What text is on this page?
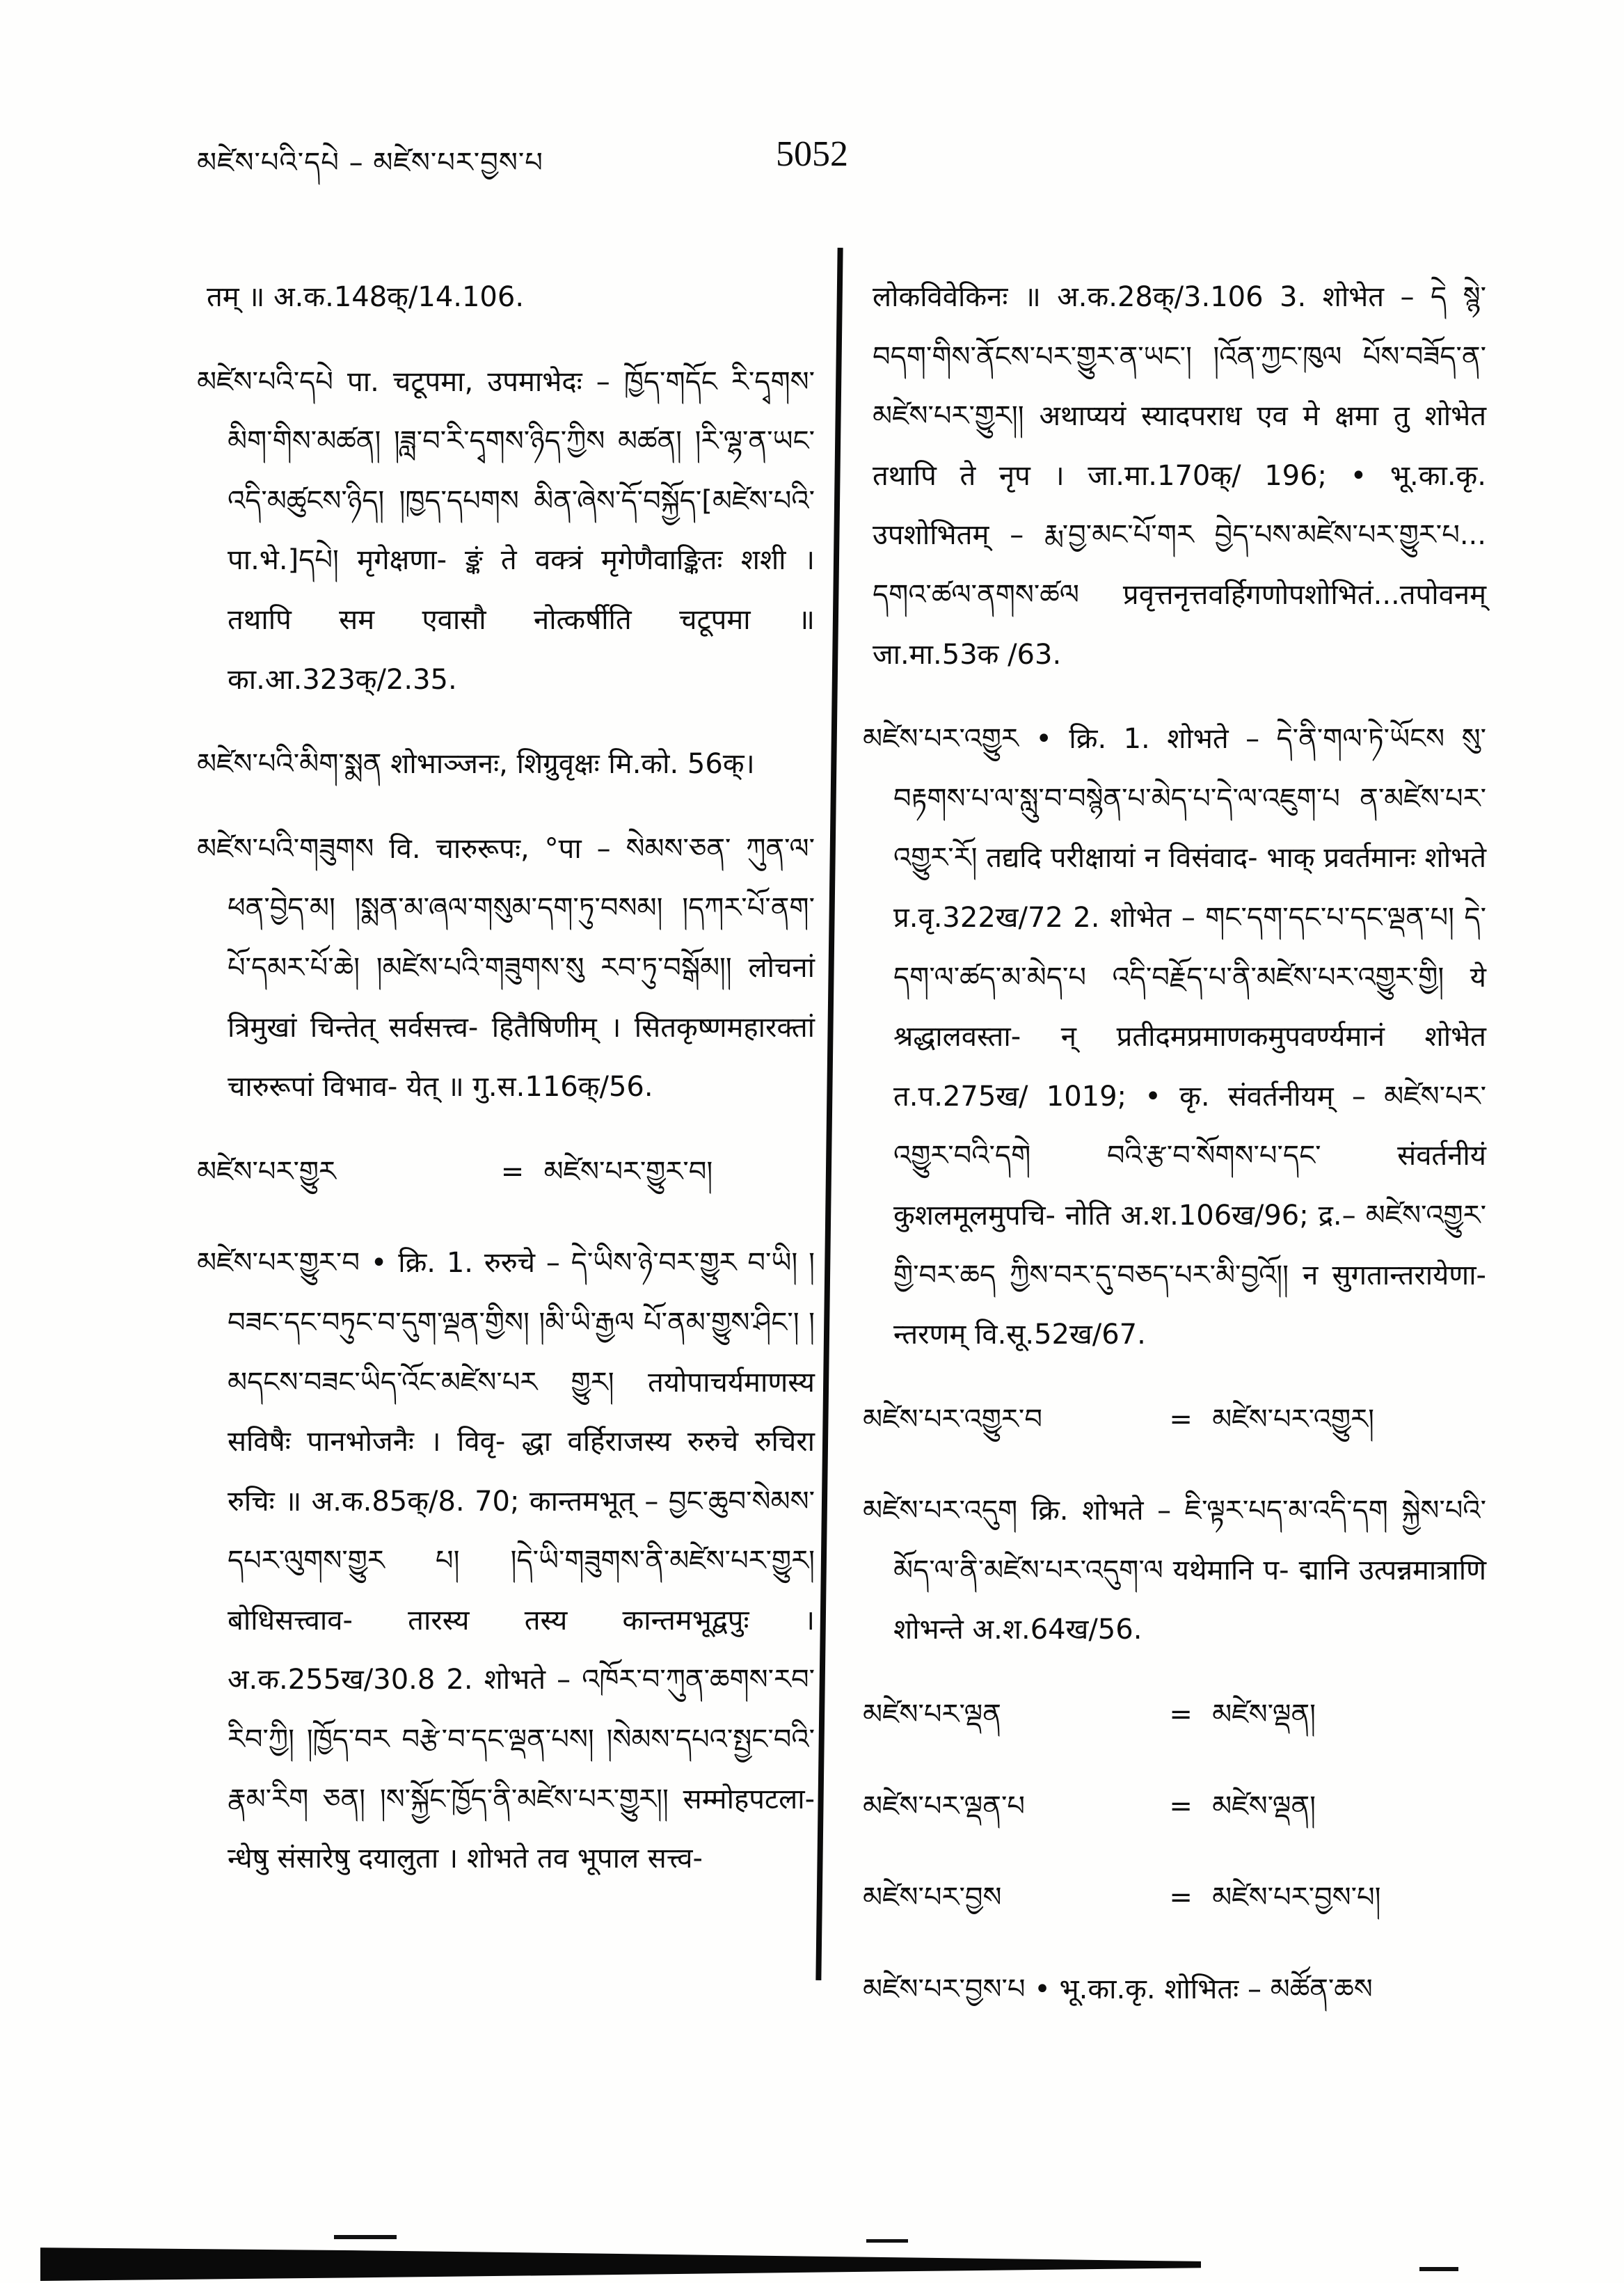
མཛེས་པའི་དཔེ – མཛེས་པར་བྱས་པ	5052

तम् ॥ अ.क.148क्/14.106.

མཛེས་པའི་དཔེ पा. चटूपमा, उपमाभेदः – ཁྱོད་གདོང རི་དྭགས་མིག་གིས་མཚན། །ཟླ་བ་རི་དྭགས་ཉིད་ཀྱིས མཚན། །རི་ལྷ་ན་ཡང་འདི་མཚུངས་ཉིད། །ཁྱད་དཔགས མིན་ཞེས་དོ་བསྐྱོད་[མཛེས་པའི་ पा.भे.]དཔེ། मृगेक्षणा- ङ्कं ते वक्त्रं मृगेणैवाङ्कितः शशी । तथापि सम एवासौ नोत्कर्षीति चटूपमा ॥ का.आ.323क्/2.35.

མཛེས་པའི་མིག་སྨན शोभाञ्जनः, शिग्रुवृक्षः मि.को. 56क्।

མཛེས་པའི་གཟུགས वि. चारुरूपः, °पा – སེམས་ཅན་ ཀུན་ལ་ཕན་བྱེད་མ། །སྨན་མ་ཞལ་གསུམ་དག་ཏུ་བསམ། །དཀར་པོ་ནག་པོ་དམར་པོ་ཆེ། །མཛེས་པའི་གཟུགས་སུ རབ་ཏུ་བསྒོམ།། लोचनां त्रिमुखां चिन्तेत् सर्वसत्त्व- हितैषिणीम् । सितकृष्णमहारक्तां चारुरूपां विभाव- येत् ॥ गु.स.116क्/56.

མཛེས་པར་གྱུར	= མཛེས་པར་གྱུར་བ།

མཛེས་པར་གྱུར་བ • क्रि. 1. रुरुचे – དེ་ཡིས་ཉེ་བར་གྱུར བ་ཡི། །བཟང་དང་བཏུང་བ་དུག་ལྡན་གྱིས། །མི་ཡི་རྒྱལ པོ་ནམ་གྱུས་ཤིང་། །མདངས་བཟང་ཡིད་འོང་མཛེས་པར གྱུར། तयोपाचर्यमाणस्य सविषैः पानभोजनैः । विवृ- द्धा वर्हिराजस्य रुरुचे रुचिरा रुचिः ॥ अ.क.85क्/8. 70; कान्तमभूत् – བྱང་ཆུབ་སེམས་དཔར་ལུགས་གྱུར པ། །དེ་ཡི་གཟུགས་ནི་མཛེས་པར་གྱུར། बोधिसत्त्वाव- तारस्य तस्य कान्तमभूद्वपुः । अ.क.255ख/30.8 2. शोभते – འཁོར་བ་ཀུན་ཆགས་རབ་རིབ་ཀྱི། །ཁྱོད་བར བརྩེ་བ་དང་ལྡན་པས། །སེམས་དཔའ་སྤྱང་བའི་རྣམ་རིག ཅན། །ས་སྐྱོང་ཁྱོད་ནི་མཛེས་པར་གྱུར།། सम्मोहपटला- न्धेषु संसारेषु दयालुता । शोभते तव भूपाल सत्त्व-

लोकविवेकिनः ॥ अ.क.28क्/3.106 3. शोभेत – དེ སྙེ་བདག་གིས་ནོངས་པར་གྱུར་ན་ཡང་། །འོན་ཀྱང་ཁུལ པོས་བཟོད་ན་མཛེས་པར་གྱུར།། अथाप्ययं स्यादपराध एव मे क्षमा तु शोभेत तथापि ते नृप । जा.मा.170क्/ 196; • भू.का.कृ. उपशोभितम् – རྨ་བྱ་མང་པོ་གར བྱེད་པས་མཛེས་པར་གྱུར་པ... དགའ་ཚལ་ནགས་ཚལ प्रवृत्तनृत्तवर्हिगणोपशोभितं...तपोवनम् जा.मा.53क /63.

མཛེས་པར་འགྱུར • क्रि. 1. शोभते – དེ་ནི་གལ་ཏེ་ཡོངས སུ་བརྟགས་པ་ལ་སླུ་བ་བསྙེན་པ་མེད་པ་དེ་ལ་འཇུག་པ ན་མཛེས་པར་འགྱུར་རོ། तद्यदि परीक्षायां न विसंवाद- भाक् प्रवर्तमानः शोभते प्र.वृ.322ख/72 2. शोभेत – གང་དག་དང་པ་དང་ལྡན་པ། དེ་དག་ལ་ཚད་མ་མེད་པ འདི་བརྗོད་པ་ནི་མཛེས་པར་འགྱུར་གྱི། ये श्रद्धालवस्ता- न् प्रतीदमप्रमाणकमुपवर्ण्यमानं शोभेत त.प.275ख/ 1019; • कृ. संवर्तनीयम् – མཛེས་པར་འགྱུར་བའི་དགེ བའི་རྩ་བ་སོགས་པ་དང་ संवर्तनीयं कुशलमूलमुपचि- नोति अ.श.106ख/96; द्र.– མཛེས་འགྱུར་གྱི་བར་ཆད ཀྱིས་བར་དུ་བཅད་པར་མི་བྱའོ།། न सुगतान्तरायेणा- न्तरणम् वि.सू.52ख/67.

མཛེས་པར་འགྱུར་བ	= མཛེས་པར་འགྱུར།

མཛེས་པར་འདུག क्रि. शोभते – ཇི་ལྟར་པད་མ་འདི་དག སྐྱེས་པའི་མོད་ལ་ནི་མཛེས་པར་འདུག་ལ यथेमानि प- द्मानि उत्पन्नमात्राणि शोभन्ते अ.श.64ख/56.

མཛེས་པར་ལྡན	= མཛེས་ལྡན།
མཛེས་པར་ལྡན་པ	= མཛེས་ལྡན།
མཛེས་པར་བྱས	= མཛེས་པར་བྱས་པ།

མཛེས་པར་བྱས་པ • भू.का.कृ. शोभितः – མཚོན་ཆས
